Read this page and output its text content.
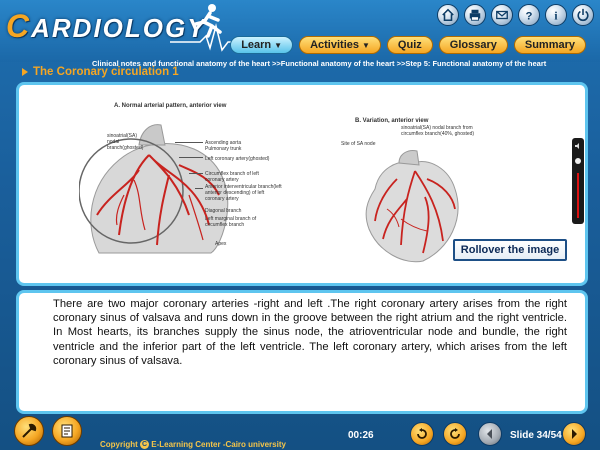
CARDIOLOGY	? i
Learn ▼	Activities ▼	Quiz	Glossary	Summary
Clinical notes and functional anatomy of the heart >>Functional anatomy of the heart >>Step 5: Functional anatomy of the heart
The Coronary circulation 1
A. Normal arterial pattern, anterior view
sinoatrial(SA) nodal branch(ghosted)
Ascending aorta
Pulmonary trunk
Left coronary artery(ghosted)
Circumflex branch of left coronary artery
Anterior interventricular branch(left anterior descending) of left coronary artery
Diagonal branch
Left marginal branch of circumflex branch
Apex
B. Variation, anterior view
sinoatrial(SA) nodal branch from circumflex branch(40%, ghosted)
Site of SA node
Rollover the image

There are two major coronary arteries -right and left .The right coronary artery arises from the right coronary sinus of valsava and runs down in the groove between the right atrium and the right ventricle. In Most hearts, its branches supply the sinus node, the atrioventricular node and bundle, the right ventricle and the inferior part of the left ventricle. The left coronary artery, which arises from the left coronary sinus of valsava.

Copyright C E-Learning Center -Cairo university
00:26	Slide 34/54
